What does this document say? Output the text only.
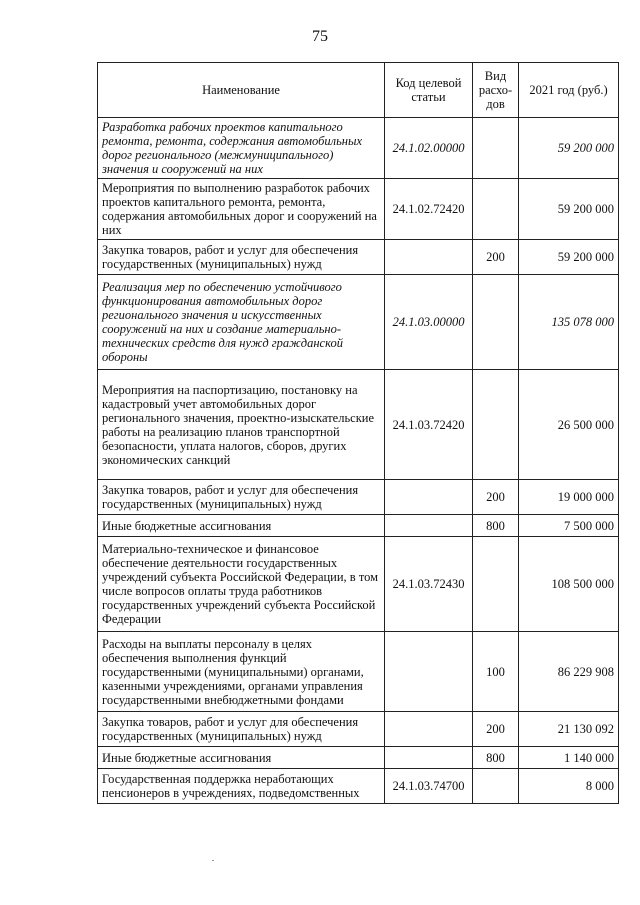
75
Наименование	Код целевой статьи	Вид расхо-дов	2021 год (руб.)
Разработка рабочих проектов капитального ремонта, ремонта, содержания автомобильных дорог регионального (межмуниципального) значения и сооружений на них	24.1.02.00000		59 200 000
Мероприятия по выполнению разработок рабочих проектов капитального ремонта, ремонта, содержания автомобильных дорог и сооружений на них	24.1.02.72420		59 200 000
Закупка товаров, работ и услуг для обеспечения государственных (муниципальных) нужд		200	59 200 000
Реализация мер по обеспечению устойчивого функционирования автомобильных дорог регионального значения и искусственных сооружений на них и создание материально-технических средств для нужд гражданской обороны	24.1.03.00000		135 078 000
Мероприятия на паспортизацию, постановку на кадастровый учет автомобильных дорог регионального значения, проектно-изыскательские работы на реализацию планов транспортной безопасности, уплата налогов, сборов, других экономических санкций	24.1.03.72420		26 500 000
Закупка товаров, работ и услуг для обеспечения государственных (муниципальных) нужд		200	19 000 000
Иные бюджетные ассигнования		800	7 500 000
Материально-техническое и финансовое обеспечение деятельности государственных учреждений субъекта Российской Федерации, в том числе вопросов оплаты труда работников государственных учреждений субъекта Российской Федерации	24.1.03.72430		108 500 000
Расходы на выплаты персоналу в целях обеспечения выполнения функций государственными (муниципальными) органами, казенными учреждениями, органами управления государственными внебюджетными фондами		100	86 229 908
Закупка товаров, работ и услуг для обеспечения государственных (муниципальных) нужд		200	21 130 092
Иные бюджетные ассигнования		800	1 140 000
Государственная поддержка неработающих пенсионеров в учреждениях, подведомственных	24.1.03.74700		8 000
